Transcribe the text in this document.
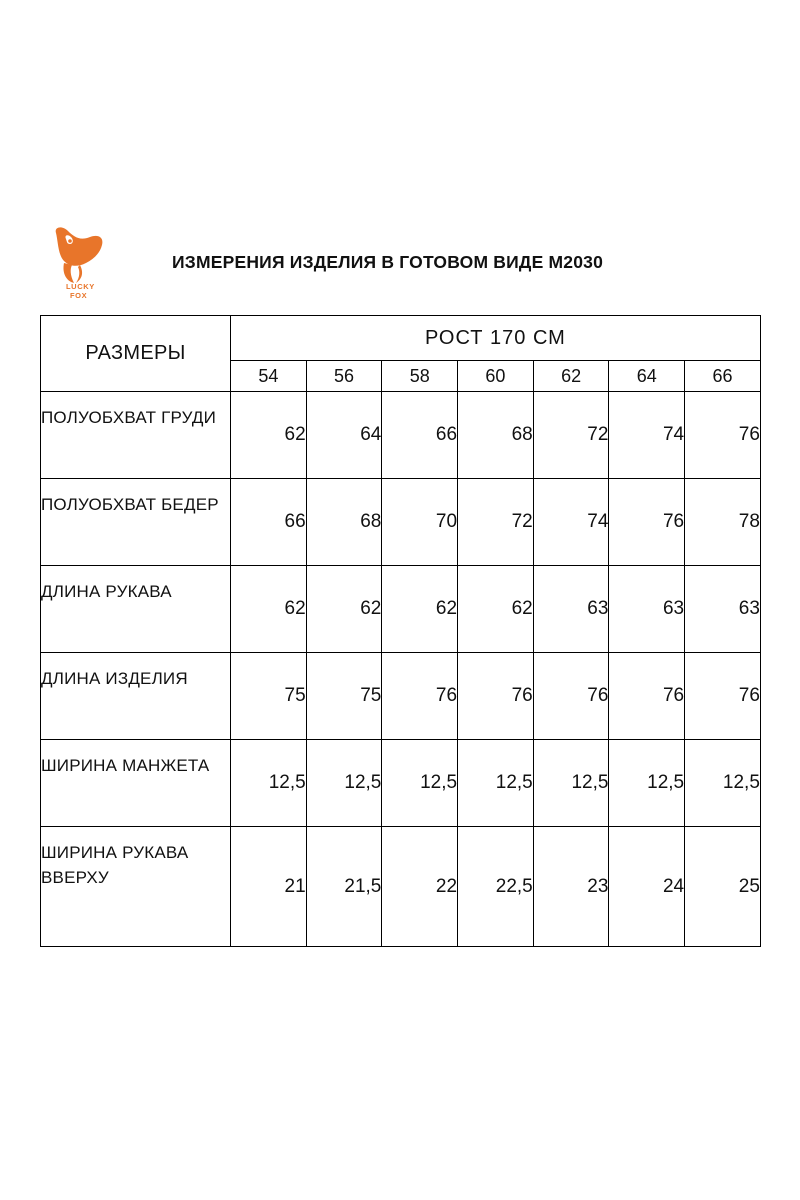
LUCKY
FOX
ИЗМЕРЕНИЯ ИЗДЕЛИЯ В ГОТОВОМ ВИДЕ М2030
РАЗМЕРЫ	РОСТ 170 СМ						
	54	56	58	60	62	64	66
ПОЛУОБХВАТ ГРУДИ	62	64	66	68	72	74	76
ПОЛУОБХВАТ БЕДЕР	66	68	70	72	74	76	78
ДЛИНА РУКАВА	62	62	62	62	63	63	63
ДЛИНА ИЗДЕЛИЯ	75	75	76	76	76	76	76
ШИРИНА МАНЖЕТА	12,5	12,5	12,5	12,5	12,5	12,5	12,5
ШИРИНА РУКАВА ВВЕРХУ	21	21,5	22	22,5	23	24	25
